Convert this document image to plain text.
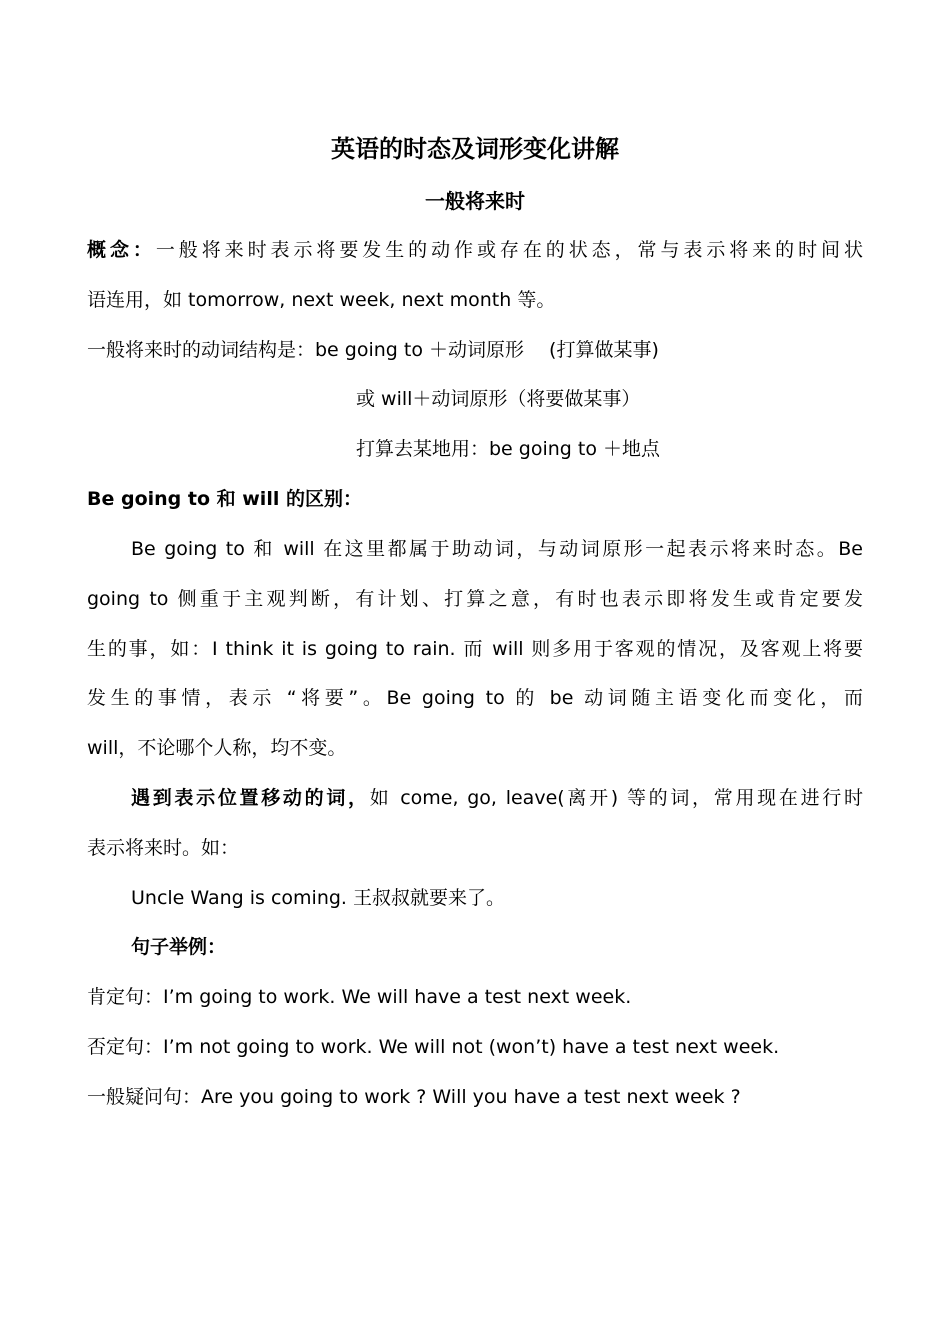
英语的时态及词形变化讲解
一般将来时
概念：一般将来时表示将要发生的动作或存在的状态，常与表示将来的时间状
语连用，如 tomorrow, next week, next month 等。
一般将来时的动词结构是：be going to ＋动词原形　 (打算做某事)
或 will＋动词原形（将要做某事）
打算去某地用：be going to ＋地点
Be going to 和 will 的区别：
Be going to 和 will 在这里都属于助动词，与动词原形一起表示将来时态。Be
going to 侧重于主观判断，有计划、打算之意，有时也表示即将发生或肯定要发
生的事，如：I think it is going to rain. 而 will 则多用于客观的情况，及客观上将要
发生的事情，表示 “将要”。Be going to 的 be 动词随主语变化而变化，而
will，不论哪个人称，均不变。
遇到表示位置移动的词，如 come, go, leave(离开) 等的词，常用现在进行时
表示将来时。如：
Uncle Wang is coming. 王叔叔就要来了。
句子举例：
肯定句：I’m going to work. We will have a test next week.
否定句：I’m not going to work. We will not (won’t) have a test next week.
一般疑问句：Are you going to work ? Will you have a test next week ?
